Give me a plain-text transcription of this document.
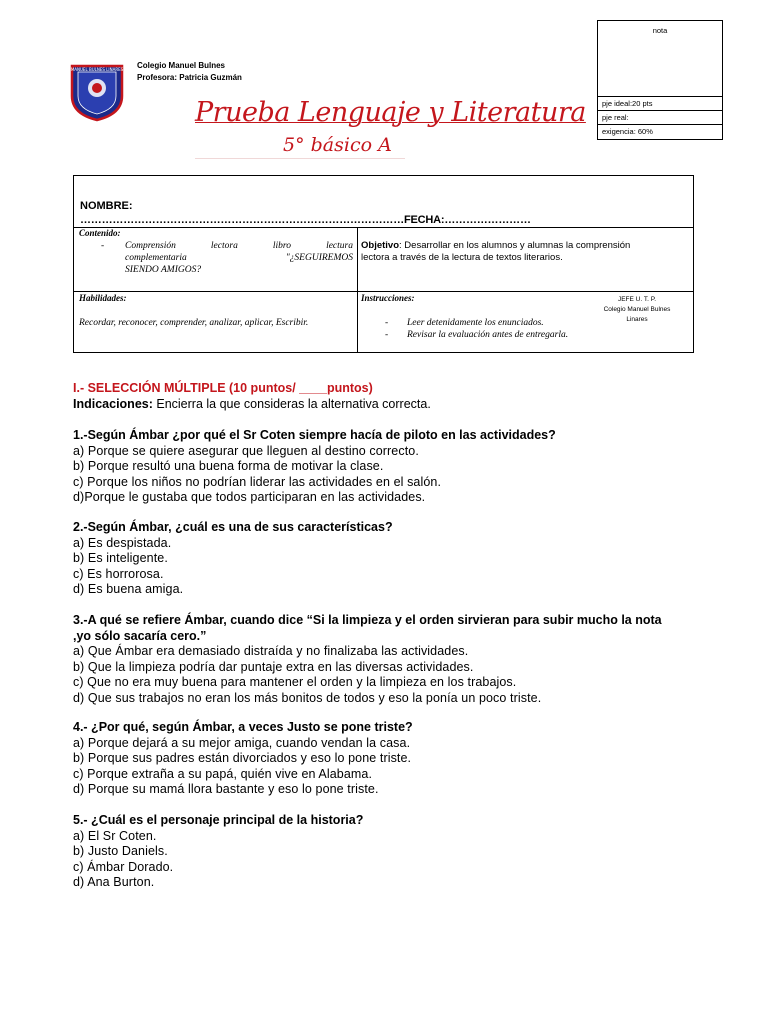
MANUEL BULNES LINARES Colegio Manuel Bulnes
Profesora: Patricia Guzmán
Prueba Lenguaje y Literatura
5° básico A
nota
pje ideal:20 pts
pje real:
exigencia: 60%
NOMBRE:
………………………………………………………………………………FECHA:……………………
Contenido:
- Comprensión lectora libro lectura
complementaria "¿SEGUIREMOS
SIENDO AMIGOS?
Objetivo: Desarrollar en los alumnos y alumnas la comprensión lectora a través de la lectura de textos literarios.
Habilidades:
Recordar, reconocer, comprender, analizar, aplicar, Escribir.
Instrucciones:
- Leer detenidamente los enunciados.
- Revisar la evaluación antes de entregarla.
JEFE U. T. P.
Colegio Manuel Bulnes
Linares
I.- SELECCIÓN MÚLTIPLE (10 puntos/ ____puntos)
Indicaciones: Encierra la que consideras la alternativa correcta.
1.-Según Ámbar ¿por qué el Sr Coten siempre hacía de piloto en las actividades?
a) Porque se quiere asegurar que lleguen al destino correcto.
b) Porque resultó una buena forma de motivar la clase.
c) Porque los niños no podrían liderar las actividades en el salón.
d)Porque le gustaba que todos participaran en las actividades.
2.-Según Ámbar, ¿cuál es una de sus características?
a) Es despistada.
b) Es inteligente.
c) Es horrorosa.
d) Es buena amiga.
3.-A qué se refiere Ámbar, cuando dice “Si la limpieza y el orden sirvieran para subir mucho la nota ,yo sólo sacaría cero.”
a) Que Ámbar era demasiado distraída y no finalizaba las actividades.
b) Que la limpieza podría dar puntaje extra en las diversas actividades.
c) Que no era muy buena para mantener el orden y la limpieza en los trabajos.
d) Que sus trabajos no eran los más bonitos de todos y eso la ponía un poco triste.
4.- ¿Por qué, según Ámbar, a veces Justo se pone triste?
a) Porque dejará a su mejor amiga, cuando vendan la casa.
b) Porque sus padres están divorciados y eso lo pone triste.
c) Porque extraña a su papá, quién vive en Alabama.
d) Porque su mamá llora bastante y eso lo pone triste.
5.- ¿Cuál es el personaje principal de la historia?
a) El Sr Coten.
b) Justo Daniels.
c) Ámbar Dorado.
d) Ana Burton.
